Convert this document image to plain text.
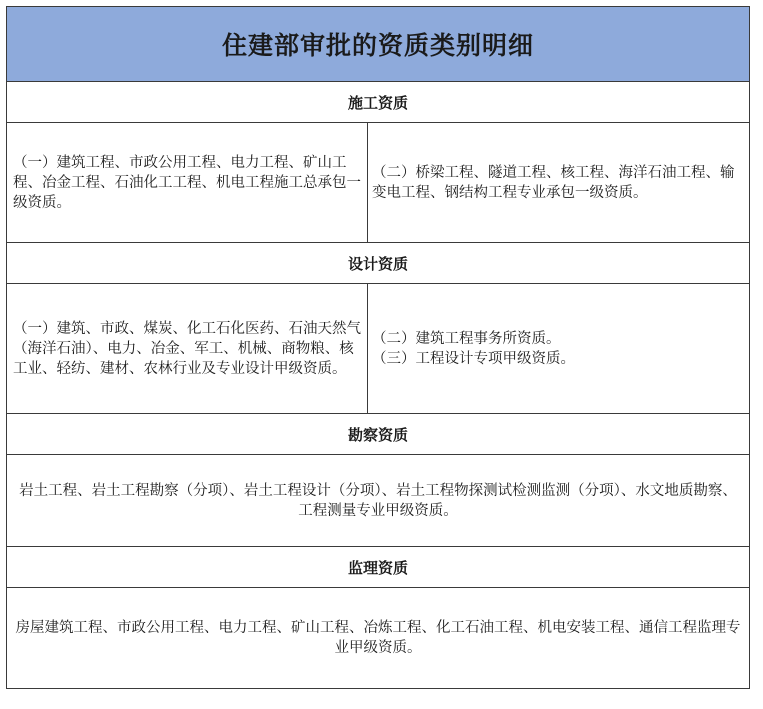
住建部审批的资质类别明细
施工资质
（一）建筑工程、市政公用工程、电力工程、矿山工程、冶金工程、石油化工工程、机电工程施工总承包一级资质。
（二）桥梁工程、隧道工程、核工程、海洋石油工程、输变电工程、钢结构工程专业承包一级资质。
设计资质
（一）建筑、市政、煤炭、化工石化医药、石油天然气（海洋石油）、电力、冶金、军工、机械、商物粮、核工业、轻纺、建材、农林行业及专业设计甲级资质。
（二）建筑工程事务所资质。
（三）工程设计专项甲级资质。
勘察资质
岩土工程、岩土工程勘察（分项）、岩土工程设计（分项）、岩土工程物探测试检测监测（分项）、水文地质勘察、工程测量专业甲级资质。
监理资质
房屋建筑工程、市政公用工程、电力工程、矿山工程、冶炼工程、化工石油工程、机电安装工程、通信工程监理专业甲级资质。
